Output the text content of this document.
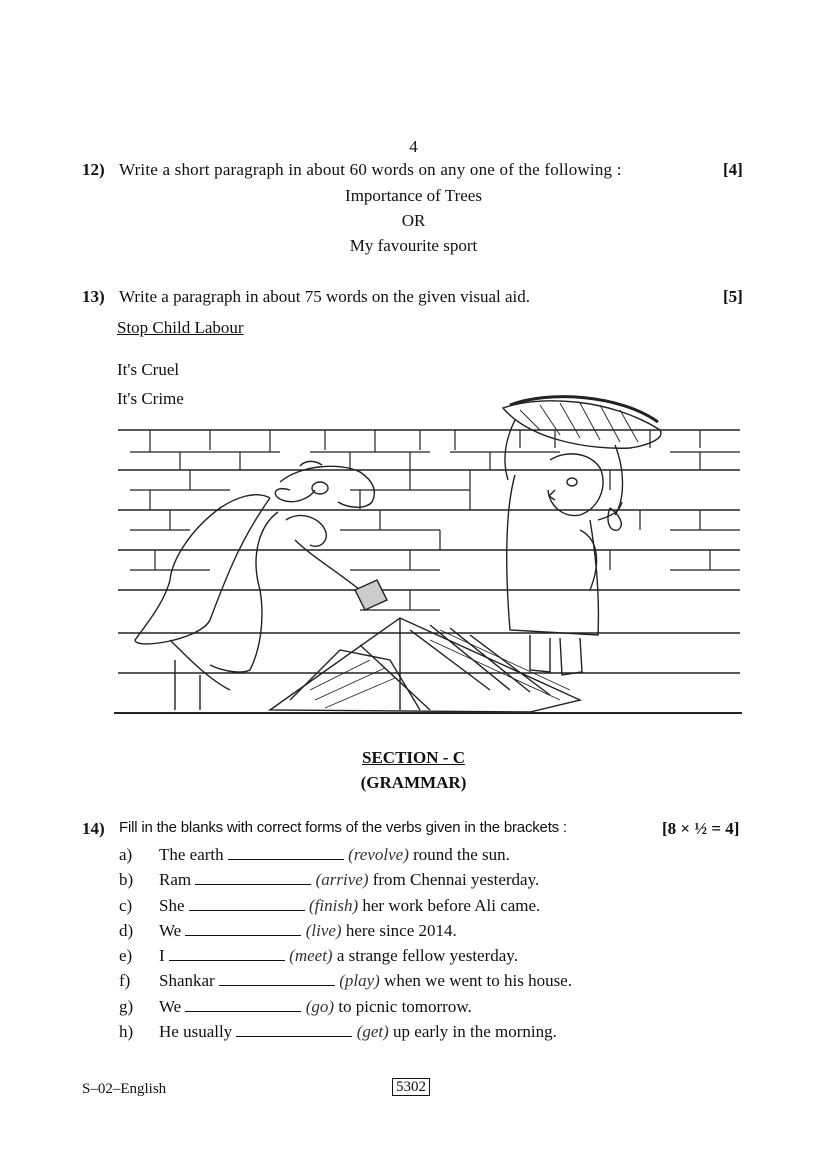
4
12) Write a short paragraph in about 60 words on any one of the following :	[4]
Importance of Trees
OR
My favourite sport
13) Write a paragraph in about 75 words on the given visual aid.	[5]
Stop Child Labour
It's Cruel
It's Crime
SECTION - C
(GRAMMAR)
14) Fill in the blanks with correct forms of the verbs given in the brackets :	[8 × ½ = 4]
a)	The earth	(revolve) round the sun.
b)	Ram	(arrive) from Chennai yesterday.
c)	She	(finish) her work before Ali came.
d)	We	(live) here since 2014.
e)	I	(meet) a strange fellow yesterday.
f)	Shankar	(play) when we went to his house.
g)	We	(go) to picnic tomorrow.
h)	He usually	(get) up early in the morning.
S–02–English	5302
